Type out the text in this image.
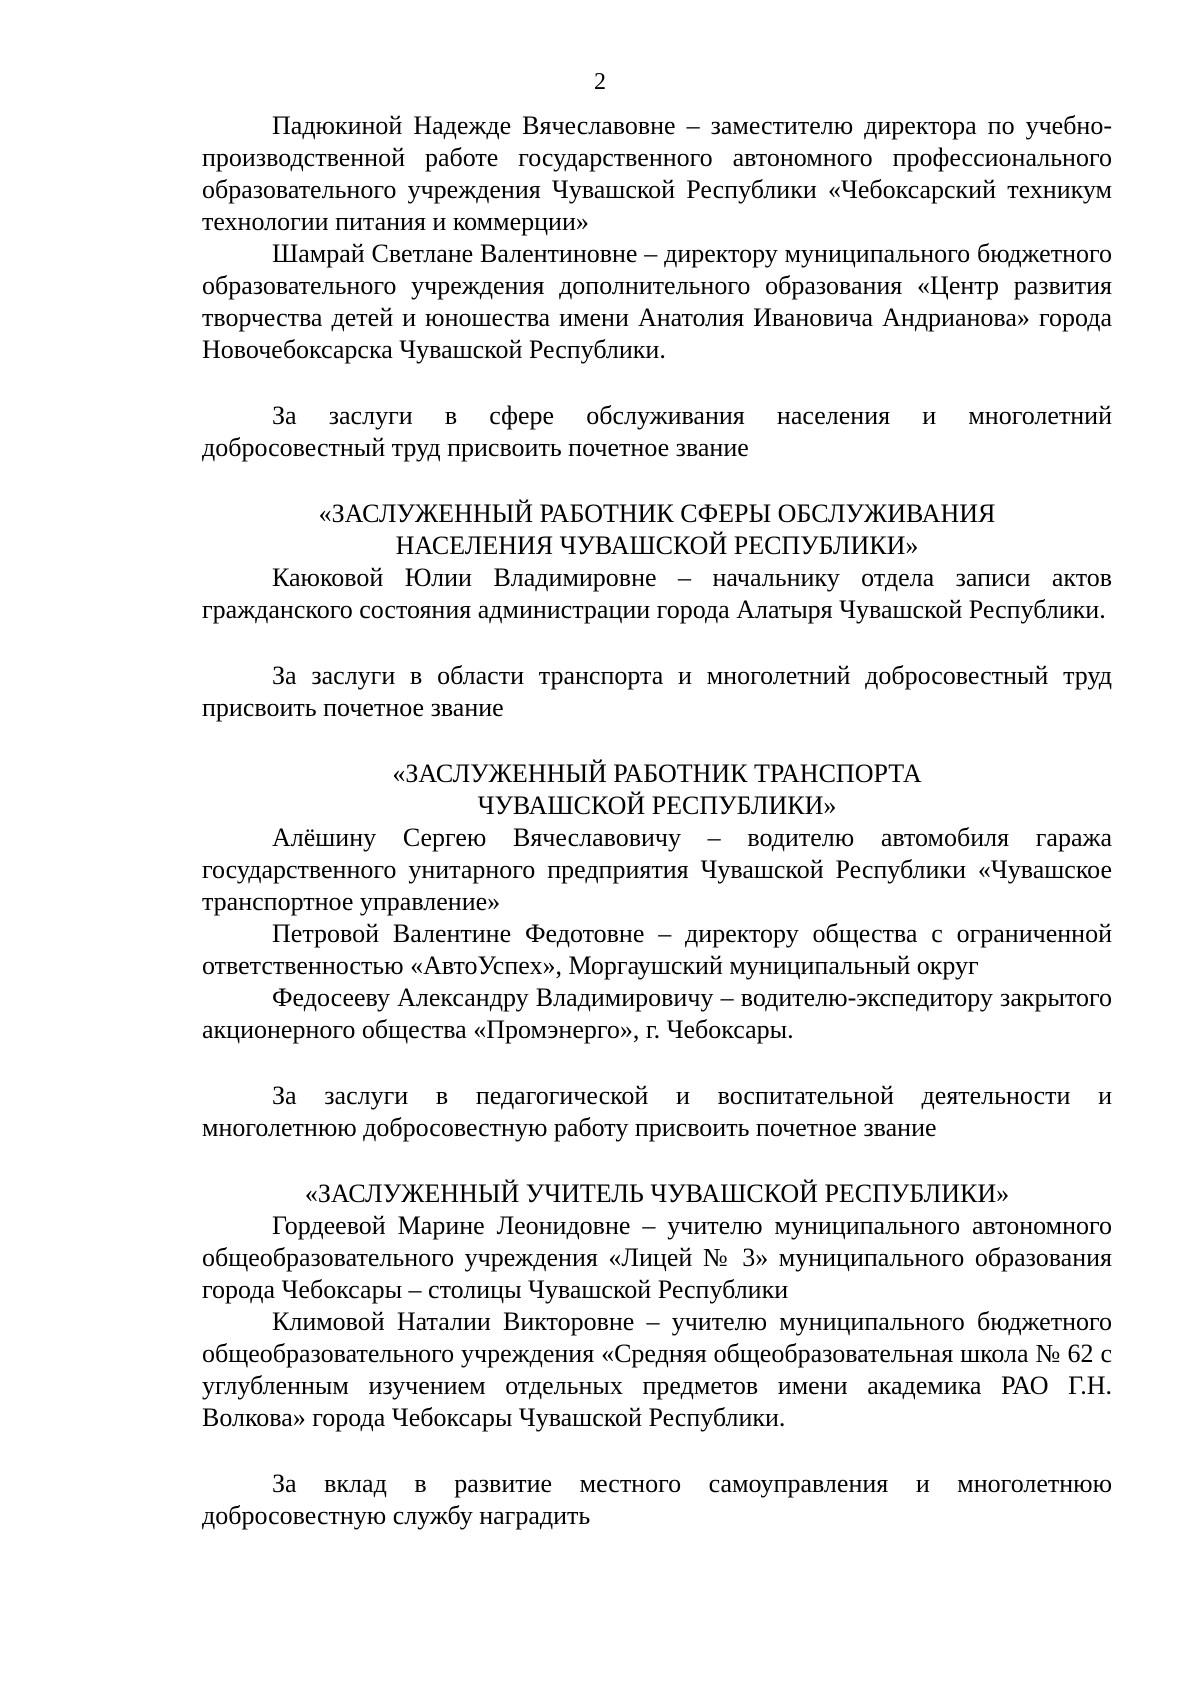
2

Падюкиной Надежде Вячеславовне – заместителю директора по учебно-производственной работе государственного автономного профессионального образовательного учреждения Чувашской Республики «Чебоксарский техникум технологии питания и коммерции»

Шамрай Светлане Валентиновне – директору муниципального бюджетного образовательного учреждения дополнительного образования «Центр развития творчества детей и юношества имени Анатолия Ивановича Андрианова» города Новочебоксарска Чувашской Республики.

За заслуги в сфере обслуживания населения и многолетний добросовестный труд присвоить почетное звание

«ЗАСЛУЖЕННЫЙ РАБОТНИК СФЕРЫ ОБСЛУЖИВАНИЯ

НАСЕЛЕНИЯ ЧУВАШСКОЙ РЕСПУБЛИКИ»

Каюковой Юлии Владимировне – начальнику отдела записи актов гражданского состояния администрации города Алатыря Чувашской Республики.

За заслуги в области транспорта и многолетний добросовестный труд присвоить почетное звание

«ЗАСЛУЖЕННЫЙ РАБОТНИК ТРАНСПОРТА

ЧУВАШСКОЙ РЕСПУБЛИКИ»

Алёшину Сергею Вячеславовичу – водителю автомобиля гаража государственного унитарного предприятия Чувашской Республики «Чувашское транспортное управление»

Петровой Валентине Федотовне – директору общества с ограниченной ответственностью «АвтоУспех», Моргаушский муниципальный округ

Федосееву Александру Владимировичу – водителю-экспедитору закрытого акционерного общества «Промэнерго», г. Чебоксары.

За заслуги в педагогической и воспитательной деятельности и многолетнюю добросовестную работу присвоить почетное звание

«ЗАСЛУЖЕННЫЙ УЧИТЕЛЬ ЧУВАШСКОЙ РЕСПУБЛИКИ»

Гордеевой Марине Леонидовне – учителю муниципального автономного общеобразовательного учреждения «Лицей № 3» муниципального образования города Чебоксары – столицы Чувашской Республики

Климовой Наталии Викторовне – учителю муниципального бюджетного общеобразовательного учреждения «Средняя общеобразовательная школа № 62 с углубленным изучением отдельных предметов имени академика РАО Г.Н. Волкова» города Чебоксары Чувашской Республики.

За вклад в развитие местного самоуправления и многолетнюю добросовестную службу наградить
